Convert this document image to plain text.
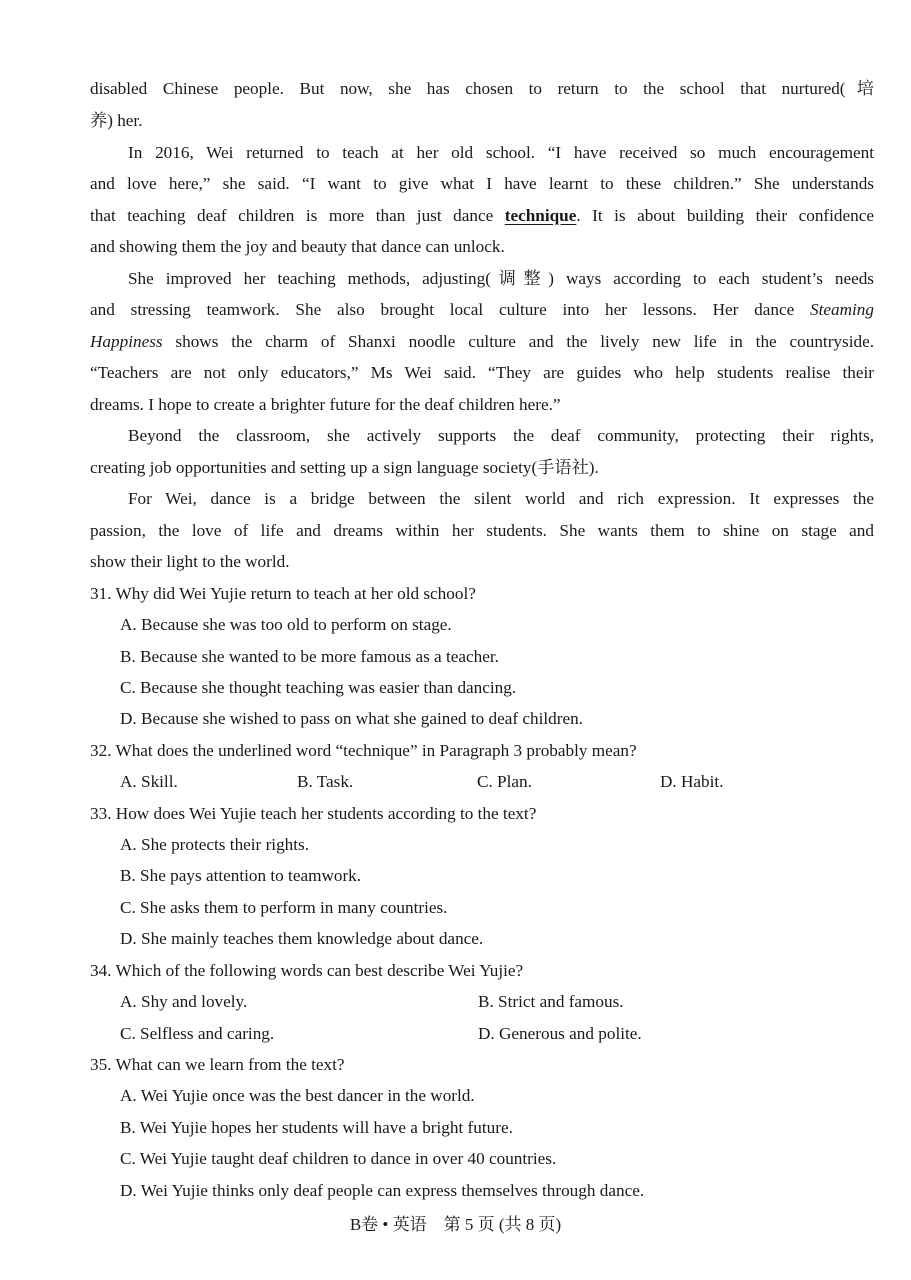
disabled Chinese people. But now, she has chosen to return to the school that nurtured(培
养) her.
In 2016, Wei returned to teach at her old school. “I have received so much encouragement
and love here,” she said. “I want to give what I have learnt to these children.” She understands
that teaching deaf children is more than just dance technique. It is about building their confidence
and showing them the joy and beauty that dance can unlock.
She improved her teaching methods, adjusting(调整) ways according to each student’s needs
and stressing teamwork. She also brought local culture into her lessons. Her dance Steaming
Happiness shows the charm of Shanxi noodle culture and the lively new life in the countryside.
“Teachers are not only educators,” Ms Wei said. “They are guides who help students realise their
dreams. I hope to create a brighter future for the deaf children here.”
Beyond the classroom, she actively supports the deaf community, protecting their rights,
creating job opportunities and setting up a sign language society(手语社).
For Wei, dance is a bridge between the silent world and rich expression. It expresses the
passion, the love of life and dreams within her students. She wants them to shine on stage and
show their light to the world.
31. Why did Wei Yujie return to teach at her old school?
A. Because she was too old to perform on stage.
B. Because she wanted to be more famous as a teacher.
C. Because she thought teaching was easier than dancing.
D. Because she wished to pass on what she gained to deaf children.
32. What does the underlined word “technique” in Paragraph 3 probably mean?
A. Skill.	B. Task.	C. Plan.	D. Habit.
33. How does Wei Yujie teach her students according to the text?
A. She protects their rights.
B. She pays attention to teamwork.
C. She asks them to perform in many countries.
D. She mainly teaches them knowledge about dance.
34. Which of the following words can best describe Wei Yujie?
A. Shy and lovely.	B. Strict and famous.
C. Selfless and caring.	D. Generous and polite.
35. What can we learn from the text?
A. Wei Yujie once was the best dancer in the world.
B. Wei Yujie hopes her students will have a bright future.
C. Wei Yujie taught deaf children to dance in over 40 countries.
D. Wei Yujie thinks only deaf people can express themselves through dance.
B卷 • 英语　第 5 页 (共 8 页)
